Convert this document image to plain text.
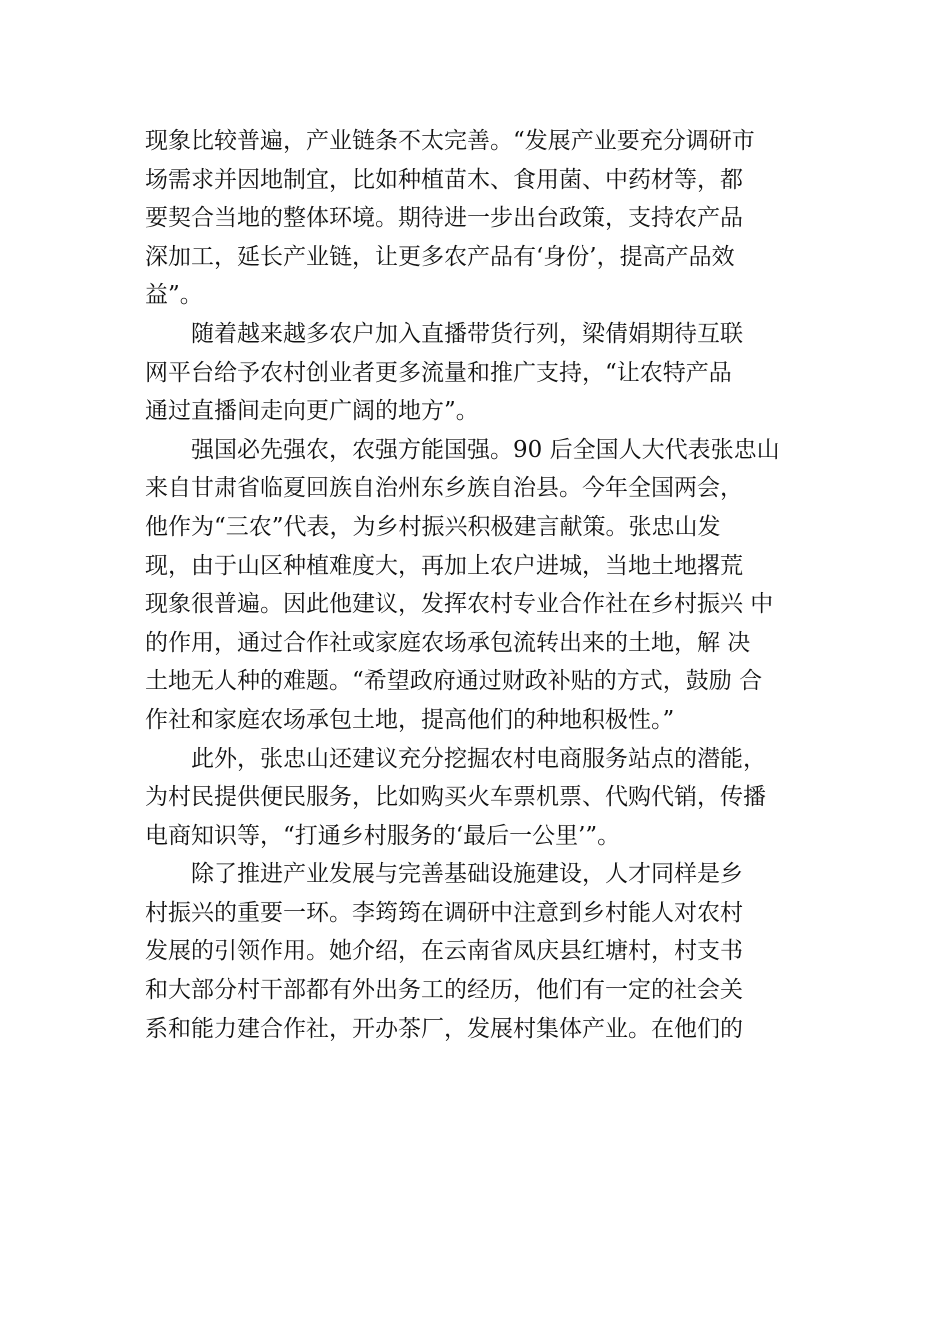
现象比较普遍，产业链条不太完善。“发展产业要充分调研市
场需求并因地制宜，比如种植苗木、食用菌、中药材等，都
要契合当地的整体环境。期待进一步出台政策，支持农产品
深加工，延长产业链，让更多农产品有‘身份’，提高产品效
益”。
随着越来越多农户加入直播带货行列，梁倩娟期待互联
网平台给予农村创业者更多流量和推广支持，“让农特产品
通过直播间走向更广阔的地方”。
强国必先强农，农强方能国强。90 后全国人大代表张忠山
来自甘肃省临夏回族自治州东乡族自治县。今年全国两会，
他作为“三农”代表，为乡村振兴积极建言献策。张忠山发
现，由于山区种植难度大，再加上农户进城，当地土地撂荒
现象很普遍。因此他建议，发挥农村专业合作社在乡村振兴 中
的作用，通过合作社或家庭农场承包流转出来的土地，解 决
土地无人种的难题。“希望政府通过财政补贴的方式，鼓励 合
作社和家庭农场承包土地，提高他们的种地积极性。”
此外，张忠山还建议充分挖掘农村电商服务站点的潜能，
为村民提供便民服务，比如购买火车票机票、代购代销，传播
电商知识等，“打通乡村服务的‘最后一公里’”。
除了推进产业发展与完善基础设施建设，人才同样是乡
村振兴的重要一环。李筠筠在调研中注意到乡村能人对农村
发展的引领作用。她介绍，在云南省凤庆县红塘村，村支书
和大部分村干部都有外出务工的经历，他们有一定的社会关
系和能力建合作社，开办茶厂，发展村集体产业。在他们的
